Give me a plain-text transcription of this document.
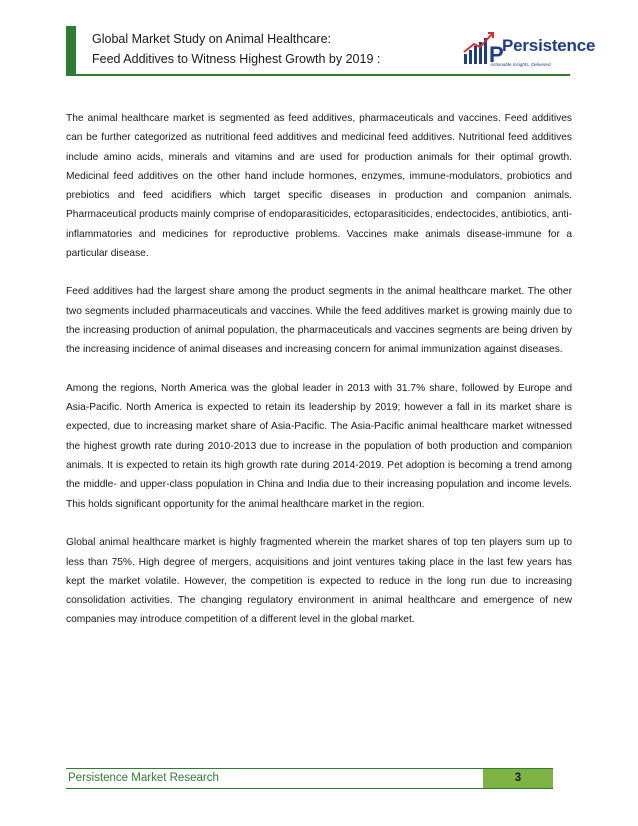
Global Market Study on Animal Healthcare:
Feed Additives to Witness Highest Growth by 2019 :	P
Persistence
Actionable Insights. Delivered.

The animal healthcare market is segmented as feed additives, pharmaceuticals and vaccines. Feed additives can be further categorized as nutritional feed additives and medicinal feed additives. Nutritional feed additives include amino acids, minerals and vitamins and are used for production animals for their optimal growth. Medicinal feed additives on the other hand include hormones, enzymes, immune-modulators, probiotics and prebiotics and feed acidifiers which target specific diseases in production and companion animals. Pharmaceutical products mainly comprise of endoparasiticides, ectoparasiticides, endectocides, antibiotics, anti-inflammatories and medicines for reproductive problems. Vaccines make animals disease-immune for a particular disease.

Feed additives had the largest share among the product segments in the animal healthcare market. The other two segments included pharmaceuticals and vaccines. While the feed additives market is growing mainly due to the increasing production of animal population, the pharmaceuticals and vaccines segments are being driven by the increasing incidence of animal diseases and increasing concern for animal immunization against diseases.

Among the regions, North America was the global leader in 2013 with 31.7% share, followed by Europe and Asia-Pacific. North America is expected to retain its leadership by 2019; however a fall in its market share is expected, due to increasing market share of Asia-Pacific. The Asia-Pacific animal healthcare market witnessed the highest growth rate during 2010-2013 due to increase in the population of both production and companion animals. It is expected to retain its high growth rate during 2014-2019. Pet adoption is becoming a trend among the middle- and upper-class population in China and India due to their increasing population and income levels. This holds significant opportunity for the animal healthcare market in the region.

Global animal healthcare market is highly fragmented wherein the market shares of top ten players sum up to less than 75%. High degree of mergers, acquisitions and joint ventures taking place in the last few years has kept the market volatile. However, the competition is expected to reduce in the long run due to increasing consolidation activities. The changing regulatory environment in animal healthcare and emergence of new companies may introduce competition of a different level in the global market.

Persistence Market Research	3
